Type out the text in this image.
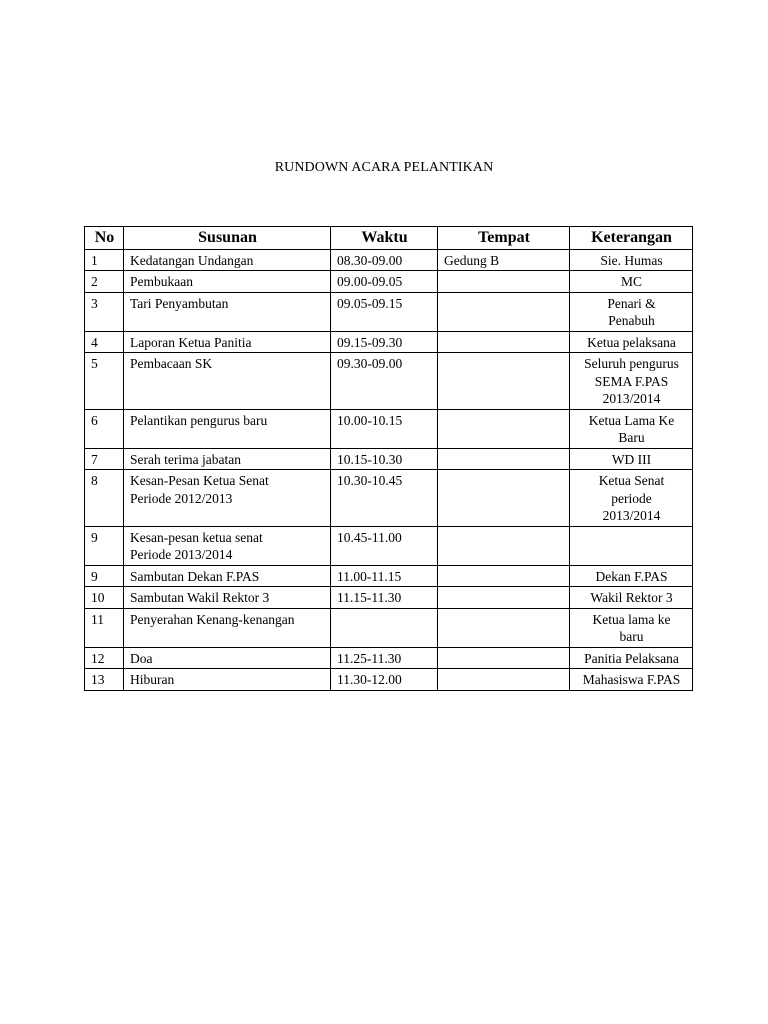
RUNDOWN ACARA PELANTIKAN
No	Susunan	Waktu	Tempat	Keterangan
1	Kedatangan Undangan	08.30-09.00	Gedung B	Sie. Humas
2	Pembukaan	09.00-09.05		MC
3	Tari Penyambutan	09.05-09.15		Penari &
Penabuh
4	Laporan Ketua Panitia	09.15-09.30		Ketua pelaksana
5	Pembacaan SK	09.30-09.00		Seluruh pengurus
SEMA F.PAS
2013/2014
6	Pelantikan pengurus baru	10.00-10.15		Ketua Lama Ke
Baru
7	Serah terima jabatan	10.15-10.30		WD III
8	Kesan-Pesan Ketua Senat
Periode 2012/2013	10.30-10.45		Ketua Senat
periode
2013/2014
9	Kesan-pesan ketua senat
Periode 2013/2014	10.45-11.00		
9	Sambutan Dekan F.PAS	11.00-11.15		Dekan F.PAS
10	Sambutan Wakil Rektor 3	11.15-11.30		Wakil Rektor 3
11	Penyerahan Kenang-kenangan			Ketua lama ke
baru
12	Doa	11.25-11.30		Panitia Pelaksana
13	Hiburan	11.30-12.00		Mahasiswa F.PAS
